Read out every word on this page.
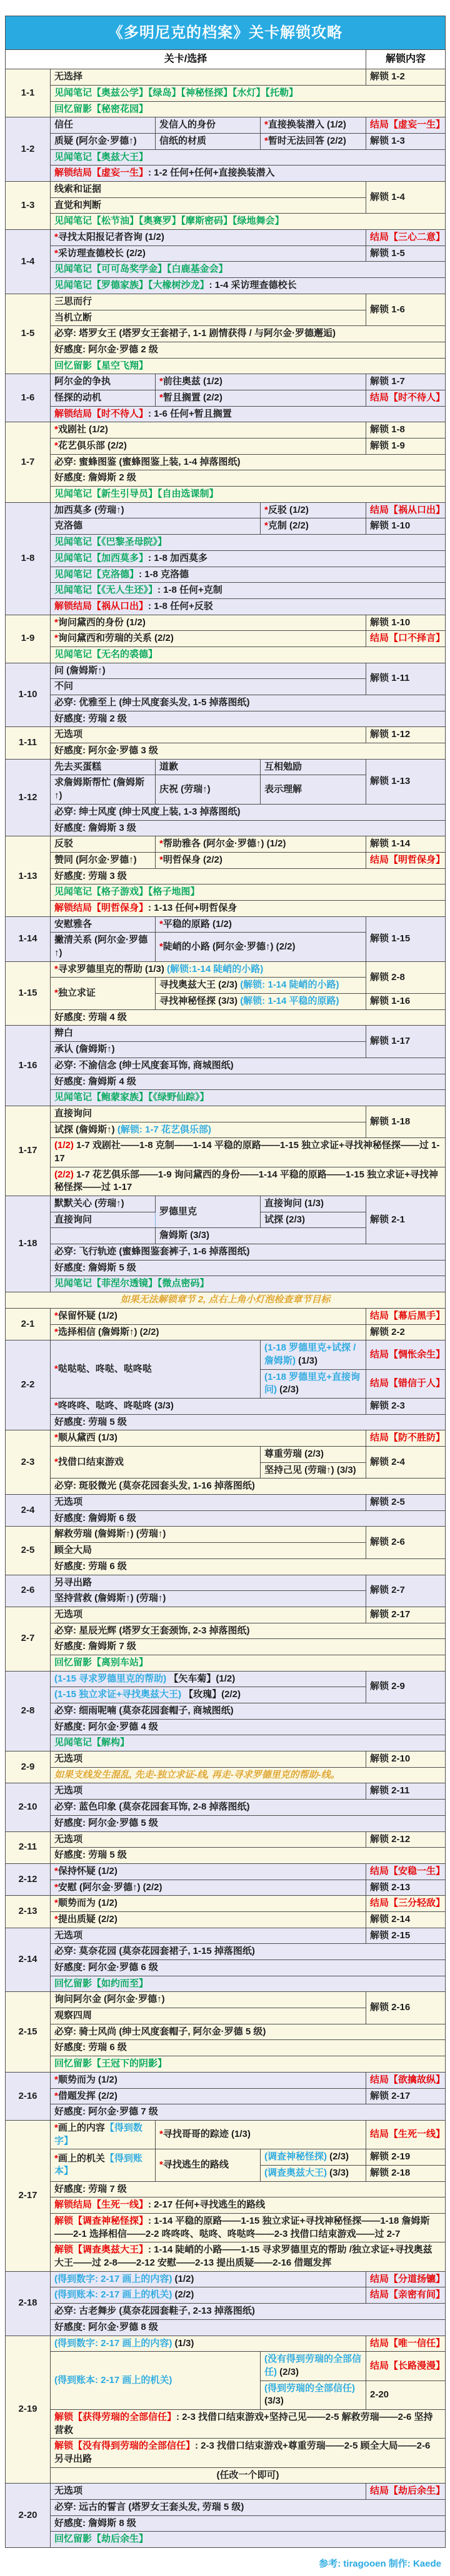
《多明尼克的档案》关卡解锁攻略				
关卡/选择				解锁内容
1-1	无选择			解锁 1-2
	见闻笔记【奥兹公学】【绿岛】【神秘怪探】【水灯】【托勒】			
	回忆留影【秘密花园】			
1-2	信任	发信人的身份	*直接换装潜入 (1/2)	结局【虚妄一生】
	质疑 (阿尔金·罗德↑)	信纸的材质	*暂时无法回答 (2/2)	解锁 1-3
	见闻笔记【奥兹大王】			
	解锁结局【虚妄一生】: 1-2 任何+任何+直接换装潜入			
1-3	线索和证据			解锁 1-4
	直觉和判断			
	见闻笔记【松节油】【奥赛罗】【摩斯密码】【绿地舞会】			
1-4	*寻找太阳报记者咨询 (1/2)			结局【三心二意】
	*采访理查德校长 (2/2)			解锁 1-5
	见闻笔记【可可岛奖学金】【白鹿基金会】			
	见闻笔记【罗德家族】【大橡树沙龙】: 1-4 采访理查德校长			
1-5	三思而行			解锁 1-6
	当机立断			
	必穿: 塔罗女王 (塔罗女王套裙子, 1-1 剧情获得 / 与阿尔金·罗德邂逅)			
	好感度: 阿尔金·罗德 2 级			
	回忆留影【星空飞翔】			
1-6	阿尔金的争执	*前往奥兹 (1/2)		解锁 1-7
	怪探的动机	*暂且搁置 (2/2)		结局【时不待人】
	解锁结局【时不待人】: 1-6 任何+暂且搁置			
1-7	*戏剧社 (1/2)			解锁 1-8
	*花艺俱乐部 (2/2)			解锁 1-9
	必穿: 蜜蜂图鉴 (蜜蜂图鉴上装, 1-4 掉落图纸)			
	好感度: 詹姆斯 2 级			
	见闻笔记【新生引导员】【自由选课制】			
1-8	加西莫多 (劳瑞↑)		*反驳 (1/2)	结局【祸从口出】
	克洛德		*克制 (2/2)	解锁 1-10
	见闻笔记【《巴黎圣母院》】			
	见闻笔记【加西莫多】: 1-8 加西莫多			
	见闻笔记【克洛德】: 1-8 克洛德			
	见闻笔记【《无人生还》】: 1-8 任何+克制			
	解锁结局【祸从口出】: 1-8 任何+反驳			
1-9	*询问黛西的身份 (1/2)			解锁 1-10
	*询问黛西和劳瑞的关系 (2/2)			结局【口不择言】
	见闻笔记【无名的裘德】			
1-10	问 (詹姆斯↑)			解锁 1-11
	不问			
	必穿: 优雅至上 (绅士风度套头发, 1-5 掉落图纸)			
	好感度: 劳瑞 2 级			
1-11	无选项			解锁 1-12
	好感度: 阿尔金·罗德 3 级			
1-12	先去买蛋糕	道歉	互相勉励	解锁 1-13
	求詹姆斯帮忙 (詹姆斯↑)	庆祝 (劳瑞↑)	表示理解	
	必穿: 绅士风度 (绅士风度上装, 1-3 掉落图纸)			
	好感度: 詹姆斯 3 级			
1-13	反驳	*帮助雅各 (阿尔金·罗德↑) (1/2)		解锁 1-14
	赞同 (阿尔金·罗德↑)	*明哲保身 (2/2)		结局【明哲保身】
	好感度: 劳瑞 3 级			
	见闻笔记【格子游戏】【格子地图】			
	解锁结局【明哲保身】: 1-13 任何+明哲保身			
1-14	安慰雅各	*平稳的原路 (1/2)		解锁 1-15
	撇清关系 (阿尔金·罗德↑)	*陡峭的小路 (阿尔金·罗德↑) (2/2)		
1-15	*寻求罗德里克的帮助 (1/3) (解锁:1-14 陡峭的小路)			解锁 2-8
	*独立求证	寻找奥兹大王 (2/3) (解锁: 1-14 陡峭的小路)		
		寻找神秘怪探 (3/3) (解锁: 1-14 平稳的原路)		解锁 1-16
	好感度: 劳瑞 4 级			
1-16	辩白			解锁 1-17
	承认 (詹姆斯↑)			
	必穿: 不渝信念 (绅士风度套耳饰, 商城图纸)			
	好感度: 詹姆斯 4 级			
	见闻笔记【鲍蒙家族】【《绿野仙踪》】			
1-17	直接询问			解锁 1-18
	试探 (詹姆斯↑) (解锁: 1-7 花艺俱乐部)			
	(1/2) 1-7 戏剧社——1-8 克制——1-14 平稳的原路——1-15 独立求证+寻找神秘怪探——过 1-17			
	(2/2) 1-7 花艺俱乐部——1-9 询问黛西的身份——1-14 平稳的原路——1-15 独立求证+寻找神秘怪探——过 1-17			
1-18	默默关心 (劳瑞↑)	罗德里克	直接询问 (1/3)	解锁 2-1
	直接询问		试探 (2/3)	
		詹姆斯 (3/3)		
	必穿: 飞行轨迹 (蜜蜂图鉴套裤子, 1-6 掉落图纸)			
	好感度: 詹姆斯 5 级			
	见闻笔记【菲涅尔透镜】【微点密码】			
如果无法解锁章节 2, 点右上角小灯泡检查章节目标				
2-1	*保留怀疑 (1/2)			结局【幕后黑手】
	*选择相信 (詹姆斯↑) (2/2)			解锁 2-2
2-2	*哒哒哒、咚哒、哒咚哒		(1-18 罗德里克+试探 / 詹姆斯) (1/3)	结局【惆怅余生】
			(1-18 罗德里克+直接询问) (2/3)	结局【错信于人】
	*咚咚咚、哒咚、咚哒咚 (3/3)			解锁 2-3
	好感度: 劳瑞 5 级			
2-3	*顺从黛西 (1/3)			结局【防不胜防】
	*找借口结束游戏		尊重劳瑞 (2/3)	解锁 2-4
			坚持己见 (劳瑞↑) (3/3)	
	必穿: 斑驳微光 (莫奈花园套头发, 1-16 掉落图纸)			
2-4	无选项			解锁 2-5
	好感度: 詹姆斯 6 级			
2-5	解救劳瑞 (詹姆斯↑) (劳瑞↑)			解锁 2-6
	顾全大局			
	好感度: 劳瑞 6 级			
2-6	另寻出路			解锁 2-7
	坚持营救 (詹姆斯↑) (劳瑞↑)			
2-7	无选项			解锁 2-17
	必穿: 星辰光辉 (塔罗女王套颈饰, 2-3 掉落图纸)			
	好感度: 詹姆斯 7 级			
	回忆留影【离别车站】			
2-8	(1-15 寻求罗德里克的帮助) 【矢车菊】(1/2)			解锁 2-9
	(1-15 独立求证+寻找奥兹大王) 【玫瑰】(2/2)			
	必穿: 细雨呢喃 (莫奈花园套帽子, 商城图纸)			
	好感度: 阿尔金·罗德 4 级			
	见闻笔记【解构】			
2-9	无选项			解锁 2-10
	如果支线发生混乱, 先走-独立求证-线, 再走-寻求罗德里克的帮助-线。			
2-10	无选项			解锁 2-11
	必穿: 蓝色印象 (莫奈花园套耳饰, 2-8 掉落图纸)			
	好感度: 阿尔金·罗德 5 级			
2-11	无选项			解锁 2-12
	好感度: 劳瑞 5 级			
2-12	*保持怀疑 (1/2)			结局【安稳一生】
	*安慰 (阿尔金·罗德↑) (2/2)			解锁 2-13
2-13	*顺势而为 (1/2)			结局【三分轻敌】
	*提出质疑 (2/2)			解锁 2-14
2-14	无选项			解锁 2-15
	必穿: 莫奈花园 (莫奈花园套裙子, 1-15 掉落图纸)			
	好感度: 阿尔金·罗德 6 级			
	回忆留影【如约而至】			
2-15	询问阿尔金 (阿尔金·罗德↑)			解锁 2-16
	观察四周			
	必穿: 骑士风尚 (绅士风度套帽子, 阿尔金·罗德 5 级)			
	好感度: 劳瑞 6 级			
	回忆留影【王冠下的阴影】			
2-16	*顺势而为 (1/2)			结局【欲擒故纵】
	*借题发挥 (2/2)			解锁 2-17
	好感度: 阿尔金·罗德 7 级			
2-17	*画上的内容【得到数字】	*寻找哥哥的踪迹 (1/3)		结局【生死一线】
	*画上的机关【得到账本】	*寻找逃生的路线	(调查神秘怪探) (2/3)	解锁 2-19
			(调查奥兹大王) (3/3)	解锁 2-18
	好感度: 劳瑞 7 级			
	解锁结局【生死一线】: 2-17 任何+寻找逃生的路线			
	解锁【调查神秘怪探】: 1-14 平稳的原路——1-15 独立求证+寻找神秘怪探——1-18 詹姆斯——2-1 选择相信——2-2 咚咚咚、哒咚、咚哒咚——2-3 找借口结束游戏——过 2-7			
	解锁【调查奥兹大王】: 1-14 陡峭的小路——1-15 寻求罗德里克的帮助 /独立求证+寻找奥兹大王——过 2-8——2-12 安慰——2-13 提出质疑——2-16 借题发挥			
2-18	(得到数字: 2-17 画上的内容) (1/2)			结局【分道扬镳】
	(得到账本: 2-17 画上的机关) (2/2)			结局【亲密有间】
	必穿: 古老舞步 (莫奈花园套鞋子, 2-13 掉落图纸)			
	好感度: 阿尔金·罗德 8 级			
2-19	(得到数字: 2-17 画上的内容) (1/3)			结局【唯一信任】
	(得到账本: 2-17 画上的机关)		(没有得到劳瑞的全部信任) (2/3)	结局【长路漫漫】
			(得到劳瑞的全部信任) (3/3)	2-20
	解锁【获得劳瑞的全部信任】: 2-3 找借口结束游戏+坚持己见——2-5 解救劳瑞——2-6 坚持营救			
	解锁【没有得到劳瑞的全部信任】: 2-3 找借口结束游戏+尊重劳瑞——2-5 顾全大局——2-6 另寻出路			
	(任改一个即可)			
2-20	无选项			结局【劫后余生】
	必穿: 远古的誓言 (塔罗女王套头发, 劳瑞 5 级)			
	好感度: 詹姆斯 8 级			
	回忆留影【劫后余生】			
参考: tiragooen 制作: Kaede
